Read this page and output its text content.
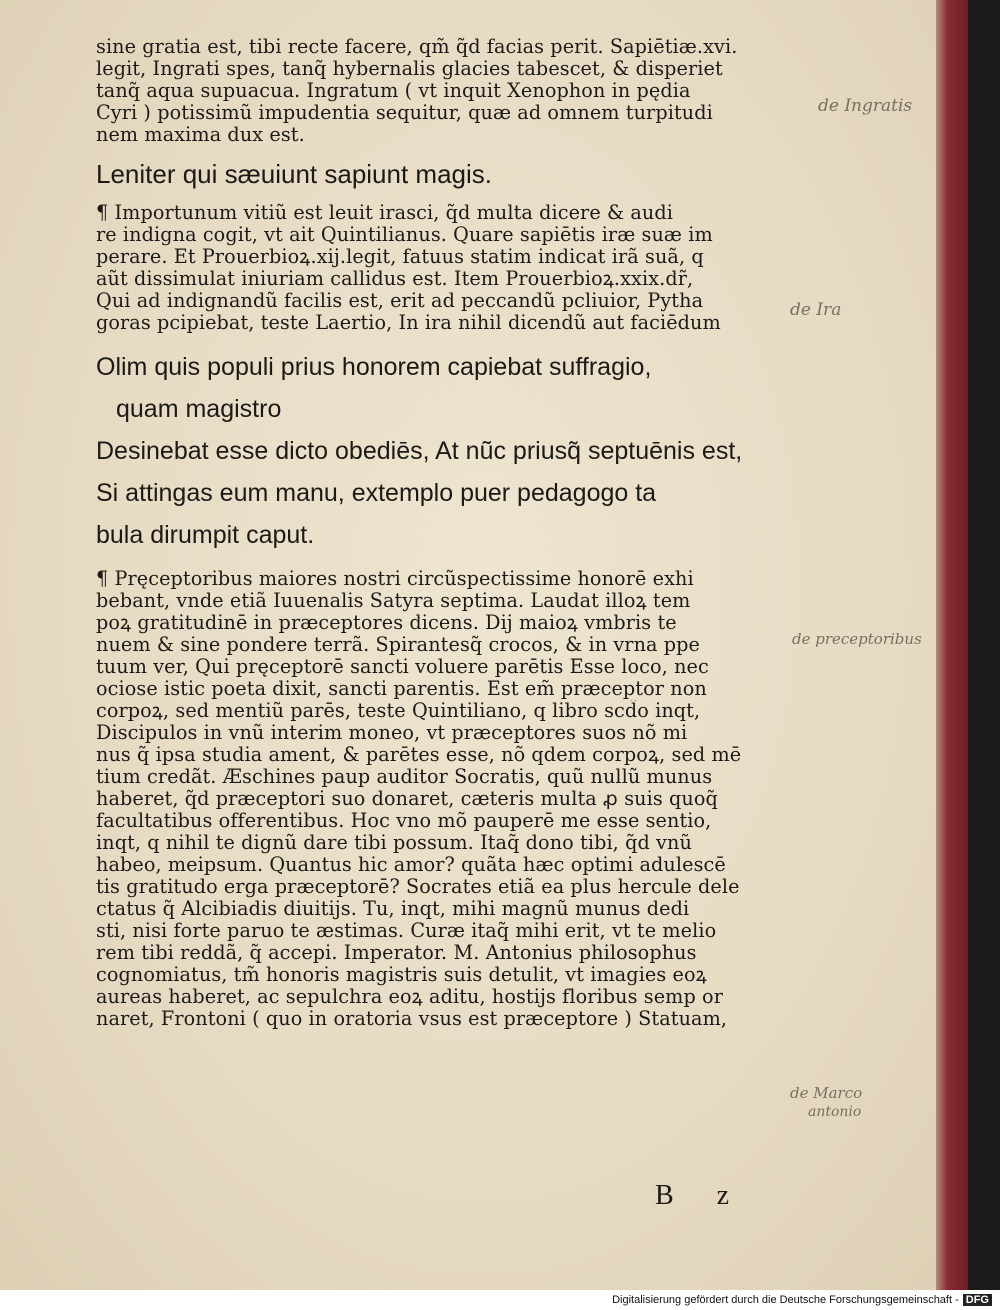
sine gratia est, tibi recte facere, qm̃ q̃d facias perit. Sapiētiæ.xvi.
legit, Ingrati spes, tanq̃ hybernalis glacies tabescet, & disperiet
tanq̃ aqua supuacua. Ingratum ( vt inquit Xenophon in pędia
Cyri ) potissimũ impudentia sequitur, quæ ad omnem turpitudi
nem maxima dux est.
Leniter qui sæuiunt sapiunt magis.
¶ Importunum vitiũ est leuit irasci, q̃d multa dicere & audi
re indigna cogit, vt ait Quintilianus. Quare sapiētis iræ suæ im
perare. Et Prouerbioꝝ.xij.legit, fatuus statim indicat irã suã, q
aũt dissimulat iniuriam callidus est. Item Prouerbioꝝ.xxix.dr̃,
Qui ad indignandũ facilis est, erit ad peccandũ pcliuior, Pytha
goras pcipiebat, teste Laertio, In ira nihil dicendũ aut faciēdum
Olim quis populi prius honorem capiebat suffragio,
quam magistro
Desinebat esse dicto obediēs, At nũc priusq̃ septuēnis est,
Si attingas eum manu, extemplo puer pedagogo ta
bula dirumpit caput.
¶ Pręceptoribus maiores nostri circũspectissime honorē exhi
bebant, vnde etiã Iuuenalis Satyra septima. Laudat illoꝝ tem
poꝝ gratitudinē in præceptores dicens. Dij maioꝝ vmbris te
nuem & sine pondere terrã. Spirantesq̃ crocos, & in vrna ppe
tuum ver, Qui pręceptorē sancti voluere parētis Esse loco, nec
ociose istic poeta dixit, sancti parentis. Est em̃ præceptor non
corpoꝝ, sed mentiũ parēs, teste Quintiliano, q libro scd̃o inqt,
Discipulos in vnũ interim moneo, vt præceptores suos nõ mi
nus q̃ ipsa studia ament, & parētes esse, nõ qdem corpoꝝ, sed mē
tium credãt. Æschines paup auditor Socratis, quũ nullũ munus
haberet, q̃d præceptori suo donaret, cæteris multa ꝓ suis quoq̃
facultatibus offerentibus. Hoc vno mõ pauperē me esse sentio,
inqt, q nihil te dignũ dare tibi possum. Itaq̃ dono tibi, q̃d vnũ
habeo, meipsum. Quantus hic amor? quãta hæc optimi adulescē
tis gratitudo erga præceptorē? Socrates etiã ea plus hercule dele
ctatus q̃ Alcibiadis diuitijs. Tu, inqt, mihi magnũ munus dedi
sti, nisi forte paruo te æstimas. Curæ itaq̃ mihi erit, vt te melio
rem tibi reddã, q̃ accepi. Imperator. M. Antonius philosophus
cognomiatus, tm̃ honoris magistris suis detulit, vt imagies eoꝝ
aureas haberet, ac sepulchra eoꝝ aditu, hostijs floribus semp or
naret, Frontoni ( quo in oratoria vsus est præceptore ) Statuam,
de Ingratis
de Ira
de preceptoribus
de Marco
antonio
B z
Digitalisierung gefördert durch die Deutsche Forschungsgemeinschaft - DFG
